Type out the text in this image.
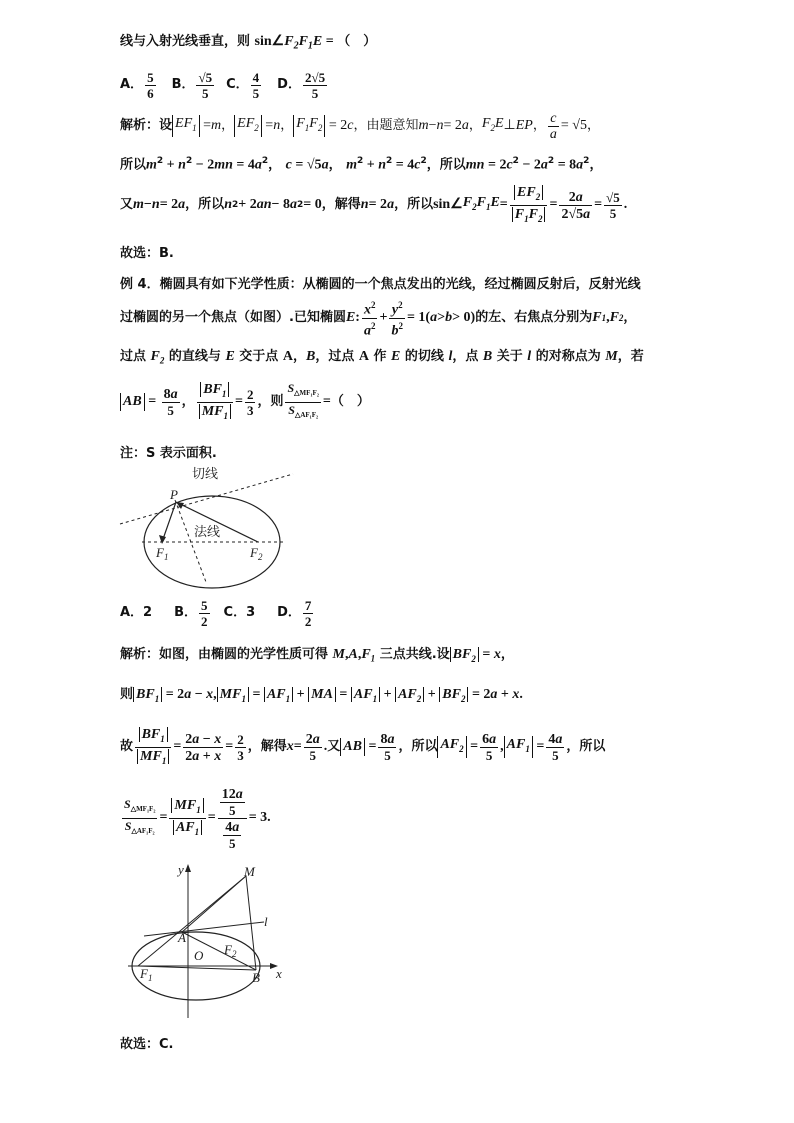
线与入射光线垂直，则 $\sin\angle F_2F_1E$ = （　）
A． $\frac{5}{6}$ B． $\frac{√5}{5}$ C． $\frac{4}{5}$ D． $\frac{2√5}{5}$
解析：设 $EF_1 = m$ ， $EF_2 = n$ ， $F_1F_2 = 2$ c ，由题意知 m − n = 2 a ， $F_2E$ ⊥ EP ， $\frac{c}{a} = √5$ ，
所以$m^2 + n^2 - 2mn = 4a^2$， c = √5a， $m^2 + n^2 = 4c^2$，所以mn = $2c^2 - 2a^2 = 8a^2$，
又 m − n = 2 a ，所以 n 2 + 2 an − 8 a 2 = 0 ，解得 n = 2 a ，所以 sin∠ $F_2F_1E = \frac{EF_2}{F_1F_2} = \frac{2a}{2√5a} = \frac{√5}{5}$ .
故选：B.
例 4．椭圆具有如下光学性质：从椭圆的一个焦点发出的光线，经过椭圆反射后，反射光线
过椭圆的另一个焦点（如图）.已知椭圆 E : $\frac{x^2}{a^2} + \frac{y^2}{b^2} = 1$( a > b > 0) 的左、右焦点分别为 F 1 , F 2 ，
过点 $F_2$ 的直线与 E 交于点 A，B，过点 A 作 E 的切线 l，点 B 关于 l 的对称点为 M，若
AB = $\frac{8a}{5}$ ， $\frac{BF_1}{MF_1} = \frac{2}{3}$ ，则 $\frac{S_{\triangle MF_1F_2}}{S_{\triangle AF_1F_2}}$ = （　）
注：S 表示面积.
切线
法线
P
$F_1$	$F_2$
A．2 B． $\frac{5}{2}$ C．3 D． $\frac{7}{2}$
解析：如图，由椭圆的光学性质可得 $M,A,F_1$ 三点共线.设 $BF_2 = x$，
则 $BF_1 = 2a - x$, $MF_1 = AF_1$ + MA = $AF_1 + AF_2 + BF_2 = 2a + x$.
故 $\frac{BF_1}{MF_1} = \frac{2a - x}{2a + x} = \frac{2}{3}$ ，解得 $x = \frac{2a}{5}$ . 又 AB = $\frac{8a}{5}$ ，所以 $AF_2 = \frac{6a}{5}$ , $AF_1 = \frac{4a}{5}$ ，所以
$\frac{S_{\triangle MF_1F_2}}{S_{\triangle AF_1F_2}} = \frac{MF_1}{AF_1} = \frac{\frac{12a}{5}}{\frac{4a}{5}} = 3$.
y
x
M
l
A
O
$F_1$
$F_2$
B
故选：C.
